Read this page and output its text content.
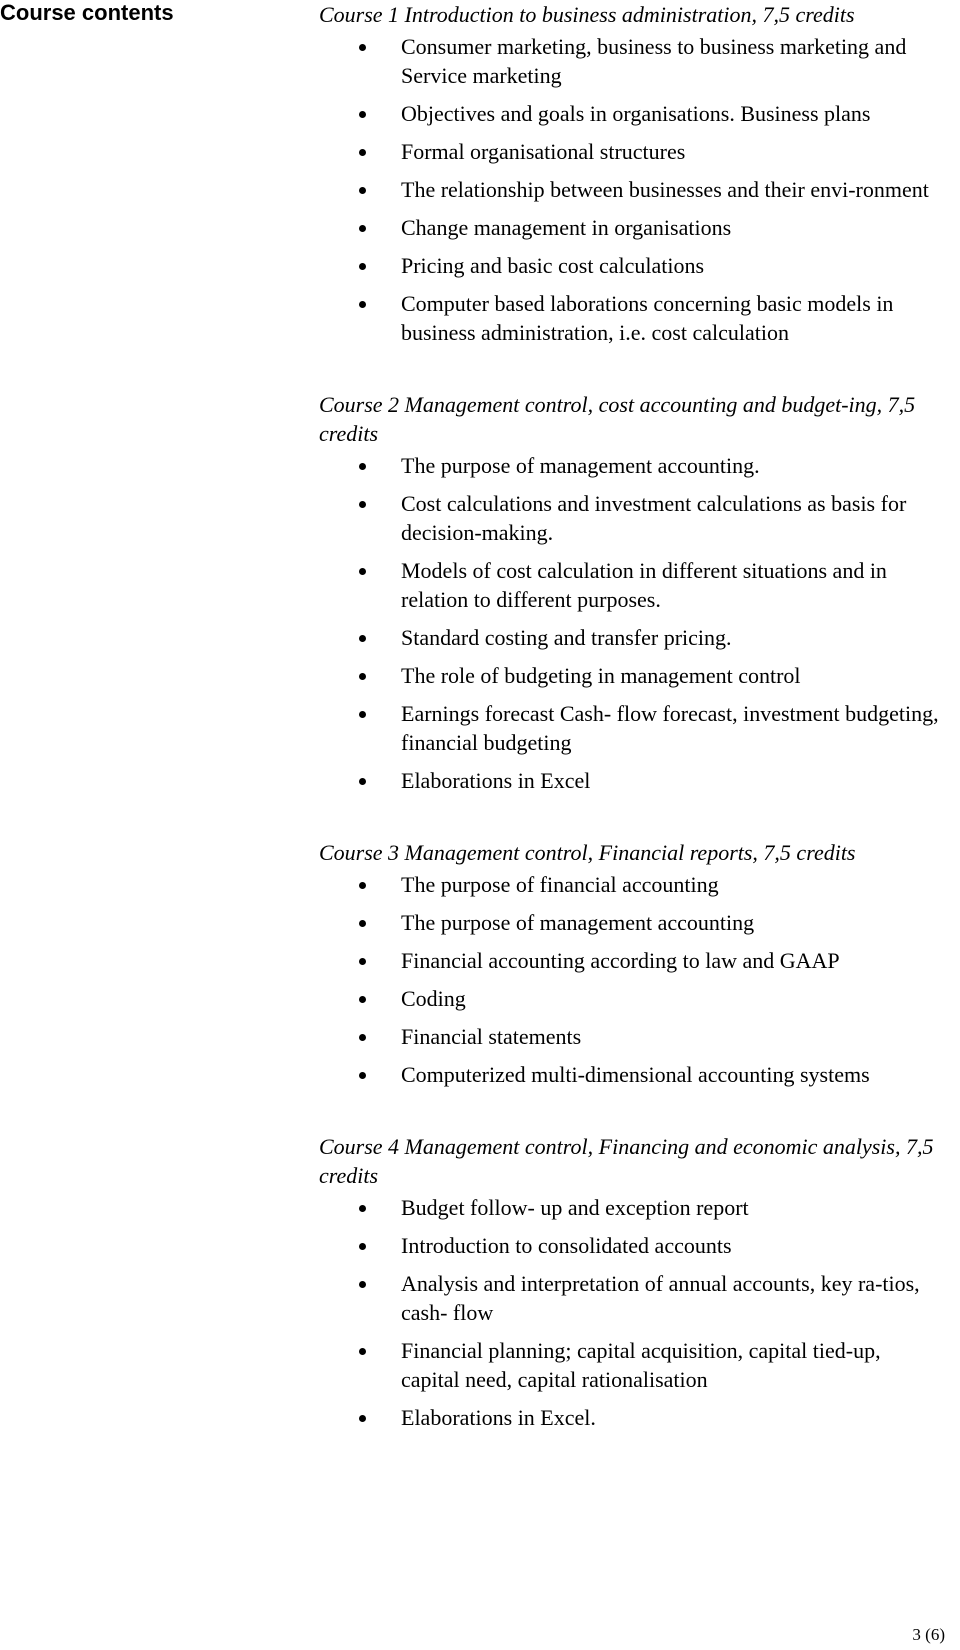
Course contents	Course 1 Introduction to business administration, 7,5 credits
Consumer marketing, business to business marketing and Service marketing
Objectives and goals in organisations. Business plans
Formal organisational structures
The relationship between businesses and their envi-ronment
Change management in organisations
Pricing and basic cost calculations
Computer based laborations concerning basic models in business administration, i.e. cost calculation
Course 2 Management control, cost accounting and budget-ing, 7,5 credits
The purpose of management accounting.
Cost calculations and investment calculations as basis for decision-making.
Models of cost calculation in different situations and in relation to different purposes.
Standard costing and transfer pricing.
The role of budgeting in management control
Earnings forecast Cash- flow forecast, investment budgeting, financial budgeting
Elaborations in Excel
Course 3 Management control, Financial reports, 7,5 credits
The purpose of financial accounting
The purpose of management accounting
Financial accounting according to law and GAAP
Coding
Financial statements
Computerized multi-dimensional accounting systems
Course 4 Management control, Financing and economic analysis, 7,5 credits
Budget follow- up and exception report
Introduction to consolidated accounts
Analysis and interpretation of annual accounts, key ra-tios, cash- flow
Financial planning; capital acquisition, capital tied-up, capital need, capital rationalisation
Elaborations in Excel.
3 (6)
